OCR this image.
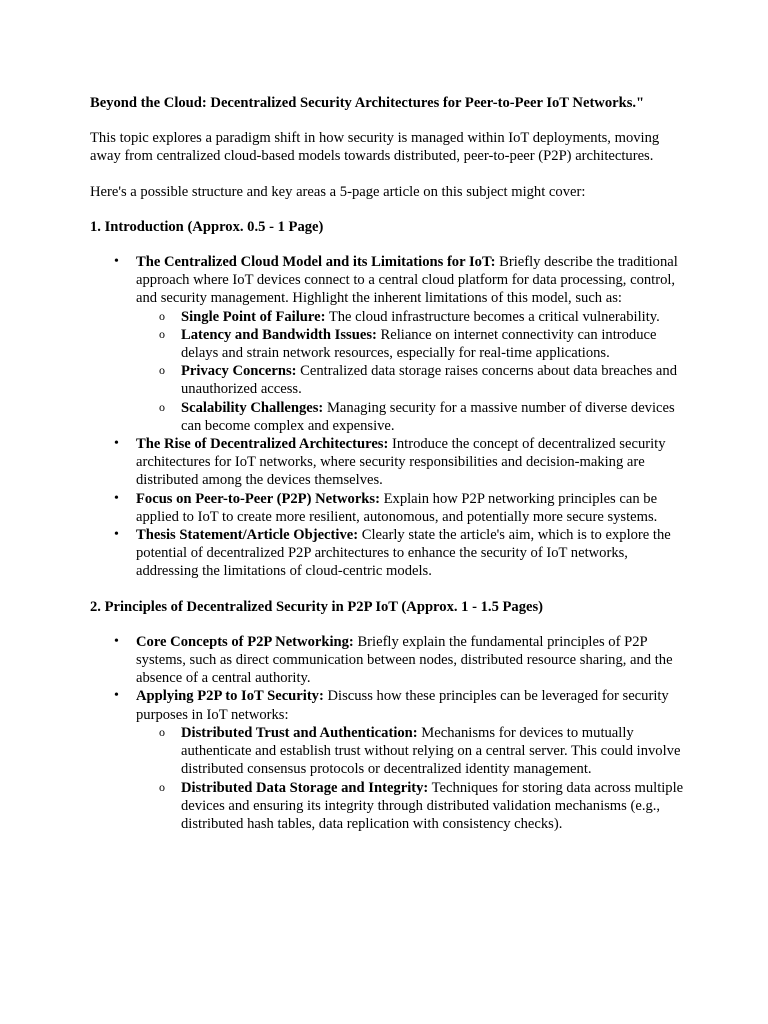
Beyond the Cloud: Decentralized Security Architectures for Peer-to-Peer IoT Networks."

This topic explores a paradigm shift in how security is managed within IoT deployments, moving away from centralized cloud-based models towards distributed, peer-to-peer (P2P) architectures.

Here's a possible structure and key areas a 5-page article on this subject might cover:

1. Introduction (Approx. 0.5 - 1 Page)

• The Centralized Cloud Model and its Limitations for IoT: Briefly describe the traditional approach where IoT devices connect to a central cloud platform for data processing, control, and security management. Highlight the inherent limitations of this model, such as:
o Single Point of Failure: The cloud infrastructure becomes a critical vulnerability.
o Latency and Bandwidth Issues: Reliance on internet connectivity can introduce delays and strain network resources, especially for real-time applications.
o Privacy Concerns: Centralized data storage raises concerns about data breaches and unauthorized access.
o Scalability Challenges: Managing security for a massive number of diverse devices can become complex and expensive.
• The Rise of Decentralized Architectures: Introduce the concept of decentralized security architectures for IoT networks, where security responsibilities and decision-making are distributed among the devices themselves.
• Focus on Peer-to-Peer (P2P) Networks: Explain how P2P networking principles can be applied to IoT to create more resilient, autonomous, and potentially more secure systems.
• Thesis Statement/Article Objective: Clearly state the article's aim, which is to explore the potential of decentralized P2P architectures to enhance the security of IoT networks, addressing the limitations of cloud-centric models.

2. Principles of Decentralized Security in P2P IoT (Approx. 1 - 1.5 Pages)

• Core Concepts of P2P Networking: Briefly explain the fundamental principles of P2P systems, such as direct communication between nodes, distributed resource sharing, and the absence of a central authority.
• Applying P2P to IoT Security: Discuss how these principles can be leveraged for security purposes in IoT networks:
o Distributed Trust and Authentication: Mechanisms for devices to mutually authenticate and establish trust without relying on a central server. This could involve distributed consensus protocols or decentralized identity management.
o Distributed Data Storage and Integrity: Techniques for storing data across multiple devices and ensuring its integrity through distributed validation mechanisms (e.g., distributed hash tables, data replication with consistency checks).
